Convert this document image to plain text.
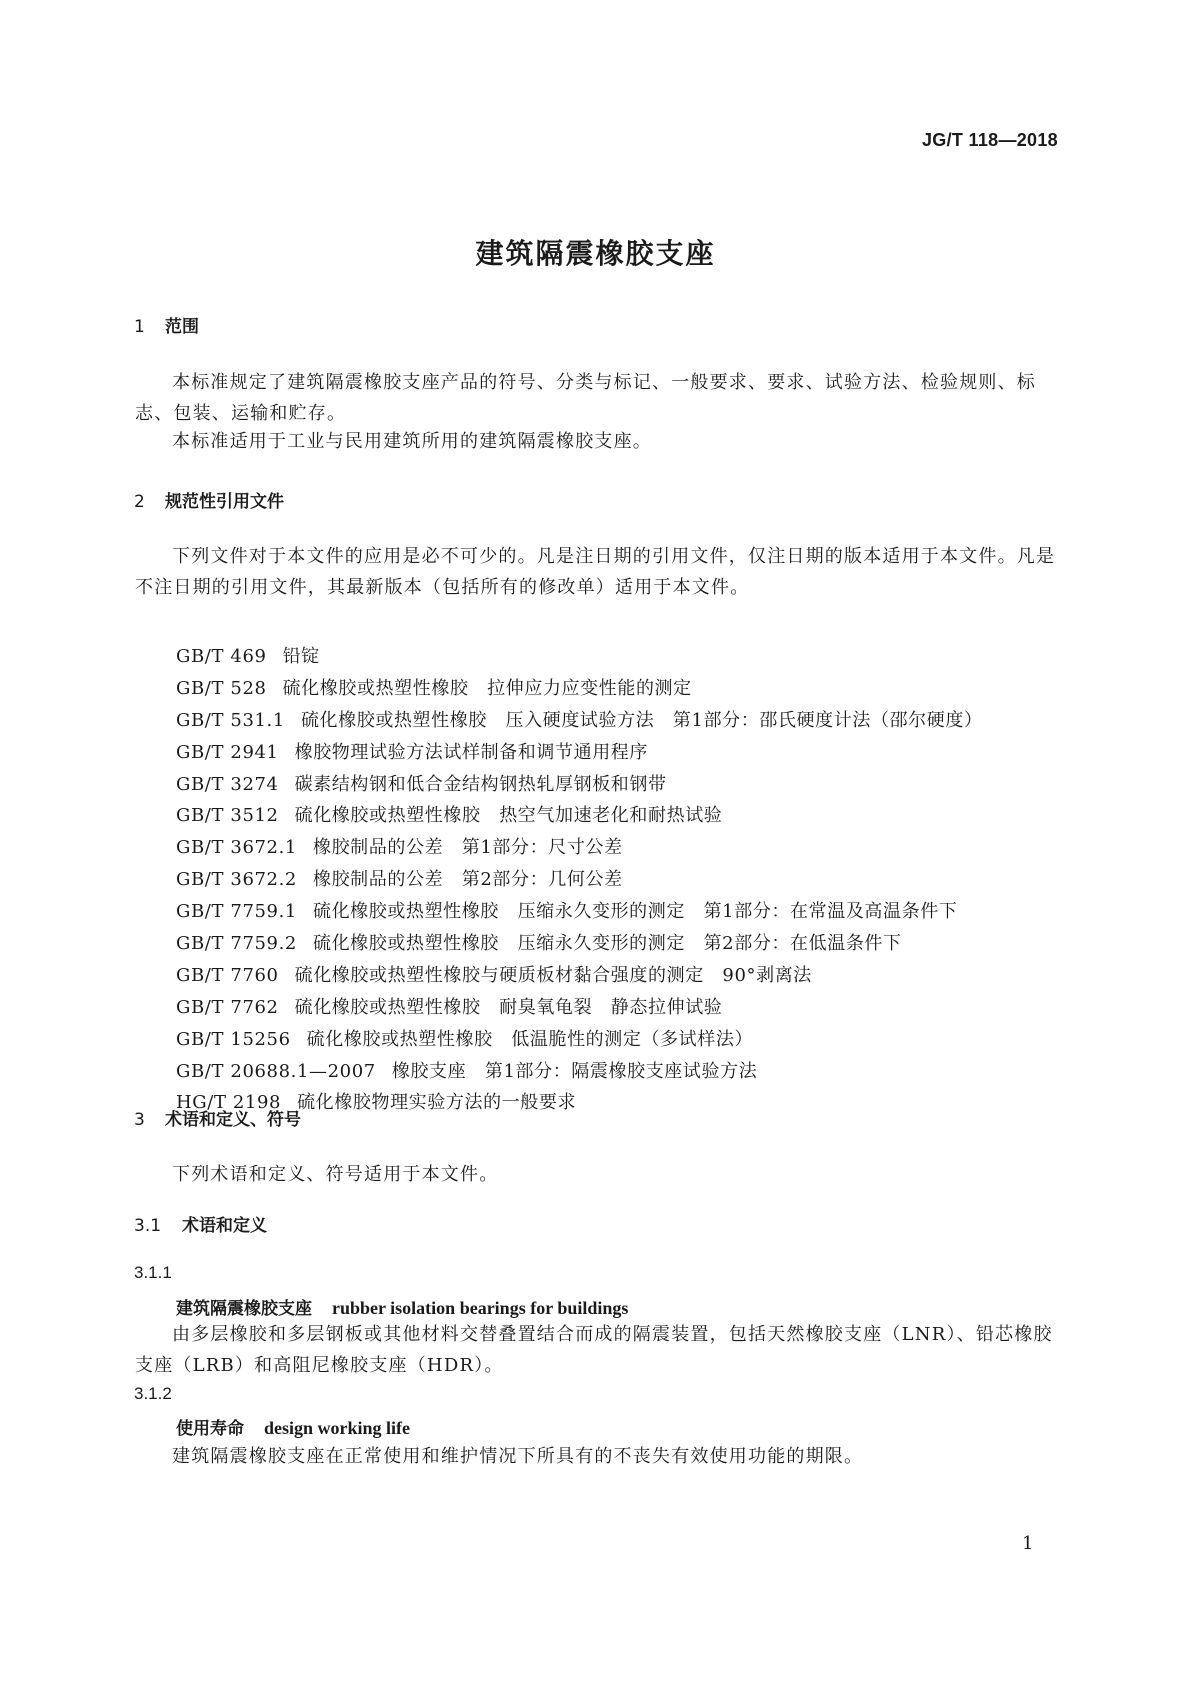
JG/T 118—2018
建筑隔震橡胶支座
1 范围

本标准规定了建筑隔震橡胶支座产品的符号、分类与标记、一般要求、要求、试验方法、检验规则、标志、包装、运输和贮存。

本标准适用于工业与民用建筑所用的建筑隔震橡胶支座。

2 规范性引用文件

下列文件对于本文件的应用是必不可少的。凡是注日期的引用文件，仅注日期的版本适用于本文件。凡是不注日期的引用文件，其最新版本（包括所有的修改单）适用于本文件。

GB/T 469 铅锭
GB/T 528 硫化橡胶或热塑性橡胶　拉伸应力应变性能的测定
GB/T 531.1 硫化橡胶或热塑性橡胶　压入硬度试验方法　第1部分：邵氏硬度计法（邵尔硬度）
GB/T 2941 橡胶物理试验方法试样制备和调节通用程序
GB/T 3274 碳素结构钢和低合金结构钢热轧厚钢板和钢带
GB/T 3512 硫化橡胶或热塑性橡胶　热空气加速老化和耐热试验
GB/T 3672.1 橡胶制品的公差　第1部分：尺寸公差
GB/T 3672.2 橡胶制品的公差　第2部分：几何公差
GB/T 7759.1 硫化橡胶或热塑性橡胶　压缩永久变形的测定　第1部分：在常温及高温条件下
GB/T 7759.2 硫化橡胶或热塑性橡胶　压缩永久变形的测定　第2部分：在低温条件下
GB/T 7760 硫化橡胶或热塑性橡胶与硬质板材黏合强度的测定　90°剥离法
GB/T 7762 硫化橡胶或热塑性橡胶　耐臭氧龟裂　静态拉伸试验
GB/T 15256 硫化橡胶或热塑性橡胶　低温脆性的测定（多试样法）
GB/T 20688.1—2007 橡胶支座　第1部分：隔震橡胶支座试验方法
HG/T 2198 硫化橡胶物理实验方法的一般要求
3 术语和定义、符号

下列术语和定义、符号适用于本文件。

3.1 术语和定义
3.1.1
建筑隔震橡胶支座 rubber isolation bearings for buildings

由多层橡胶和多层钢板或其他材料交替叠置结合而成的隔震装置，包括天然橡胶支座（LNR）、铅芯橡胶支座（LRB）和高阻尼橡胶支座（HDR）。

3.1.2
使用寿命 design working life

建筑隔震橡胶支座在正常使用和维护情况下所具有的不丧失有效使用功能的期限。

1
